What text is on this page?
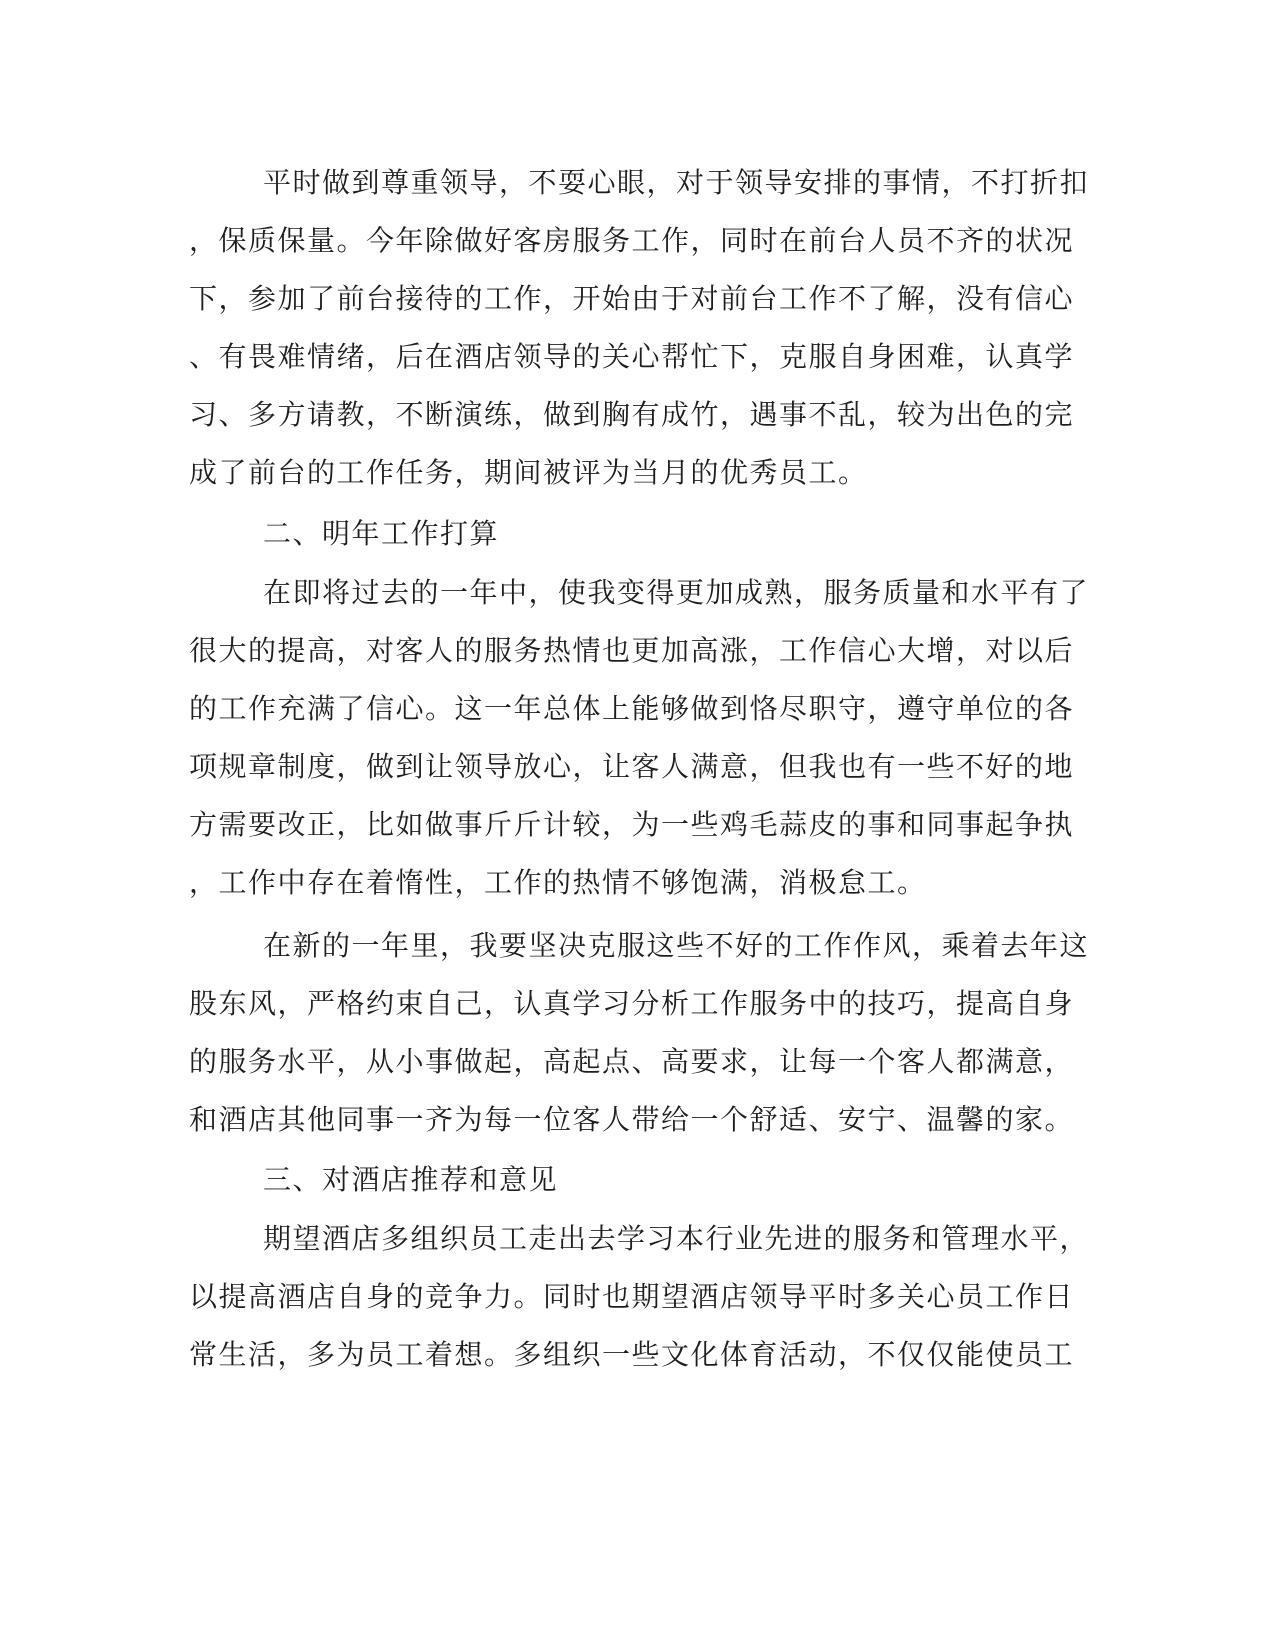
平时做到尊重领导，不耍心眼，对于领导安排的事情，不打折扣
，保质保量。今年除做好客房服务工作，同时在前台人员不齐的状况
下，参加了前台接待的工作，开始由于对前台工作不了解，没有信心
、有畏难情绪，后在酒店领导的关心帮忙下，克服自身困难，认真学
习、多方请教，不断演练，做到胸有成竹，遇事不乱，较为出色的完
成了前台的工作任务，期间被评为当月的优秀员工。
二、明年工作打算
在即将过去的一年中，使我变得更加成熟，服务质量和水平有了
很大的提高，对客人的服务热情也更加高涨，工作信心大增，对以后
的工作充满了信心。这一年总体上能够做到恪尽职守，遵守单位的各
项规章制度，做到让领导放心，让客人满意，但我也有一些不好的地
方需要改正，比如做事斤斤计较，为一些鸡毛蒜皮的事和同事起争执
，工作中存在着惰性，工作的热情不够饱满，消极怠工。
在新的一年里，我要坚决克服这些不好的工作作风，乘着去年这
股东风，严格约束自己，认真学习分析工作服务中的技巧，提高自身
的服务水平，从小事做起，高起点、高要求，让每一个客人都满意，
和酒店其他同事一齐为每一位客人带给一个舒适、安宁、温馨的家。
三、对酒店推荐和意见
期望酒店多组织员工走出去学习本行业先进的服务和管理水平，
以提高酒店自身的竞争力。同时也期望酒店领导平时多关心员工作日
常生活，多为员工着想。多组织一些文化体育活动，不仅仅能使员工
